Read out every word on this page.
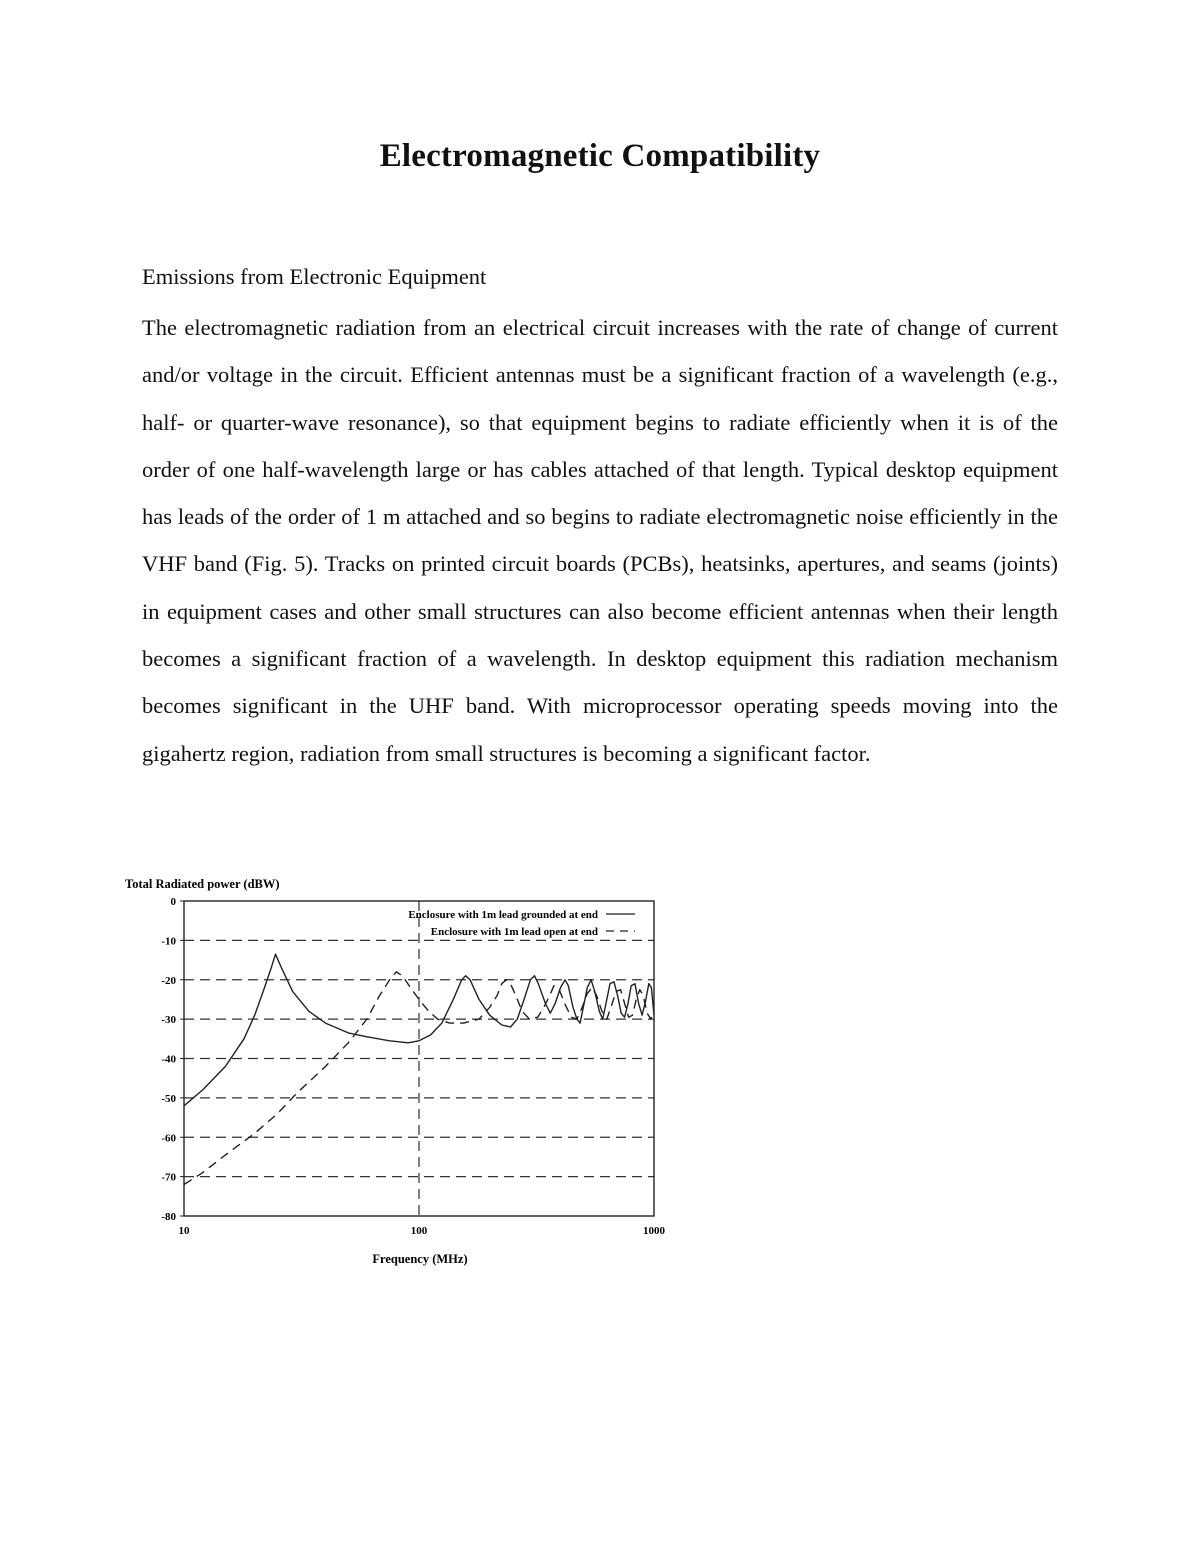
Electromagnetic Compatibility
Emissions from Electronic Equipment

The electromagnetic radiation from an electrical circuit increases with the rate of change of current and/or voltage in the circuit. Efficient antennas must be a significant fraction of a wavelength (e.g., half- or quarter-wave resonance), so that equipment begins to radiate efficiently when it is of the order of one half-wavelength large or has cables attached of that length. Typical desktop equipment has leads of the order of 1 m attached and so begins to radiate electromagnetic noise efficiently in the VHF band (Fig. 5). Tracks on printed circuit boards (PCBs), heatsinks, apertures, and seams (joints) in equipment cases and other small structures can also become efficient antennas when their length becomes a significant fraction of a wavelength. In desktop equipment this radiation mechanism becomes significant in the UHF band. With microprocessor operating speeds moving into the gigahertz region, radiation from small structures is becoming a significant factor.

Total Radiated power (dBW)
Frequency (MHz)
0
-10
-20
-30
-40
-50
-60
-70
-80
10	100	1000
Enclosure with 1m lead grounded at end
Enclosure with 1m lead open at end
